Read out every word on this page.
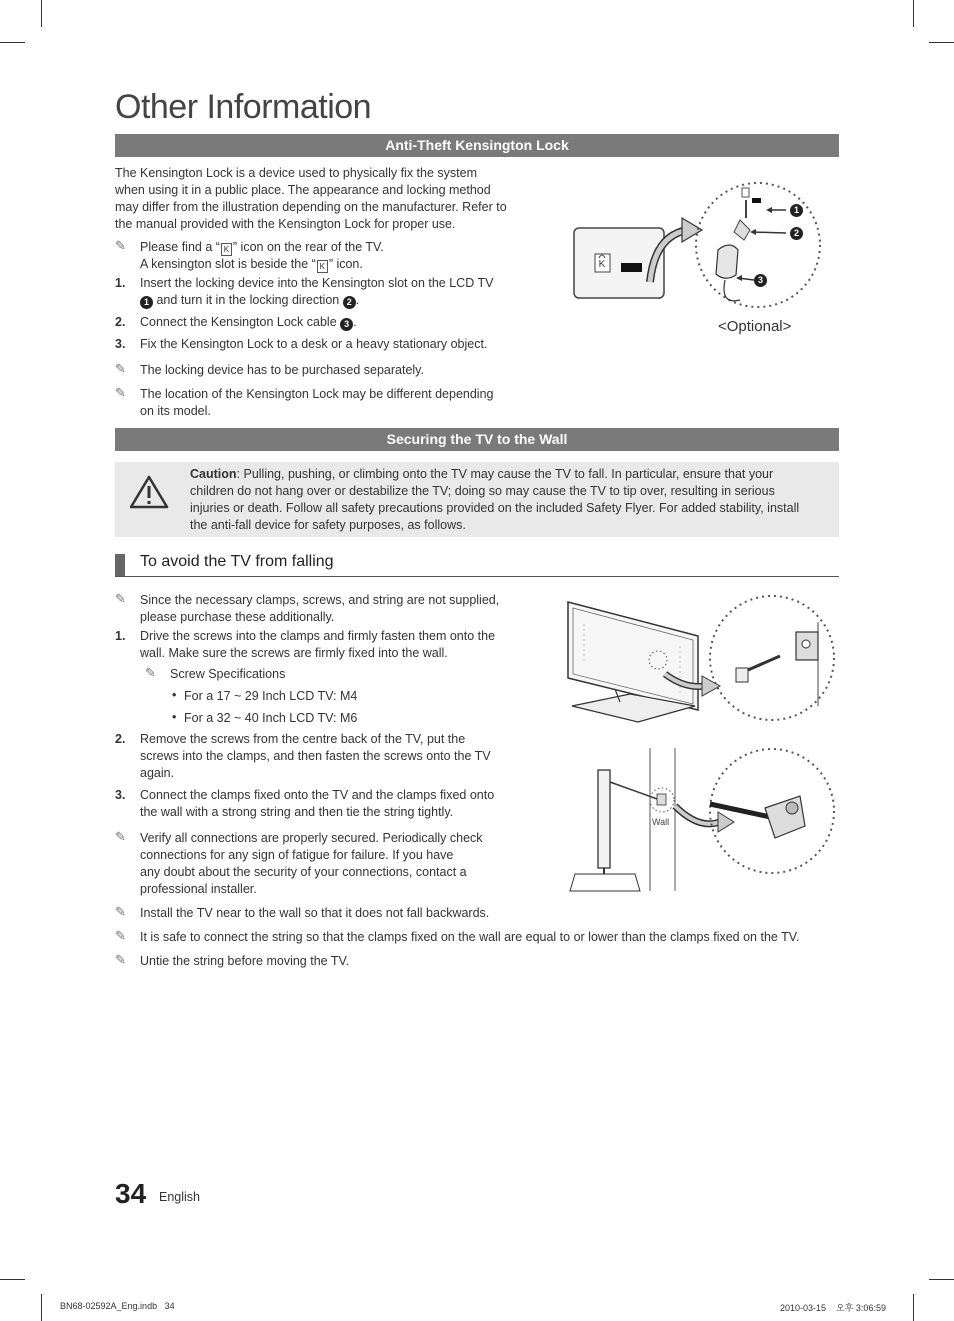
Other Information
Anti-Theft Kensington Lock
The Kensington Lock is a device used to physically fix the system
when using it in a public place. The appearance and locking method
may differ from the illustration depending on the manufacturer. Refer to
the manual provided with the Kensington Lock for proper use.
✎ Please find a “ K ” icon on the rear of the TV.
A kensington slot is beside the “ K ” icon.
1. Insert the locking device into the Kensington slot on the LCD TV
1 and turn it in the locking direction 2 .
2. Connect the Kensington Lock cable 3 .
3. Fix the Kensington Lock to a desk or a heavy stationary object.
✎ The locking device has to be purchased separately.
✎ The location of the Kensington Lock may be different depending
on its model.
K
1
2
3
<Optional>
Securing the TV to the Wall
Caution: Pulling, pushing, or climbing onto the TV may cause the TV to fall. In particular, ensure that your
children do not hang over or destabilize the TV; doing so may cause the TV to tip over, resulting in serious
injuries or death. Follow all safety precautions provided on the included Safety Flyer. For added stability, install
the anti-fall device for safety purposes, as follows.
To avoid the TV from falling
✎ Since the necessary clamps, screws, and string are not supplied,
please purchase these additionally.
1. Drive the screws into the clamps and firmly fasten them onto the
wall. Make sure the screws are firmly fixed into the wall.
✎ Screw Specifications
• For a 17 ~ 29 Inch LCD TV: M4
• For a 32 ~ 40 Inch LCD TV: M6
2. Remove the screws from the centre back of the TV, put the
screws into the clamps, and then fasten the screws onto the TV
again.
3. Connect the clamps fixed onto the TV and the clamps fixed onto
the wall with a strong string and then tie the string tightly.
✎ Verify all connections are properly secured. Periodically check
connections for any sign of fatigue for failure. If you have
any doubt about the security of your connections, contact a
professional installer.
✎ Install the TV near to the wall so that it does not fall backwards.
✎ It is safe to connect the string so that the clamps fixed on the wall are equal to or lower than the clamps fixed on the TV.
✎ Untie the string before moving the TV.
Wall
34 English
BN68-02592A_Eng.indb   34	2010-03-15    오후 3:06:59
